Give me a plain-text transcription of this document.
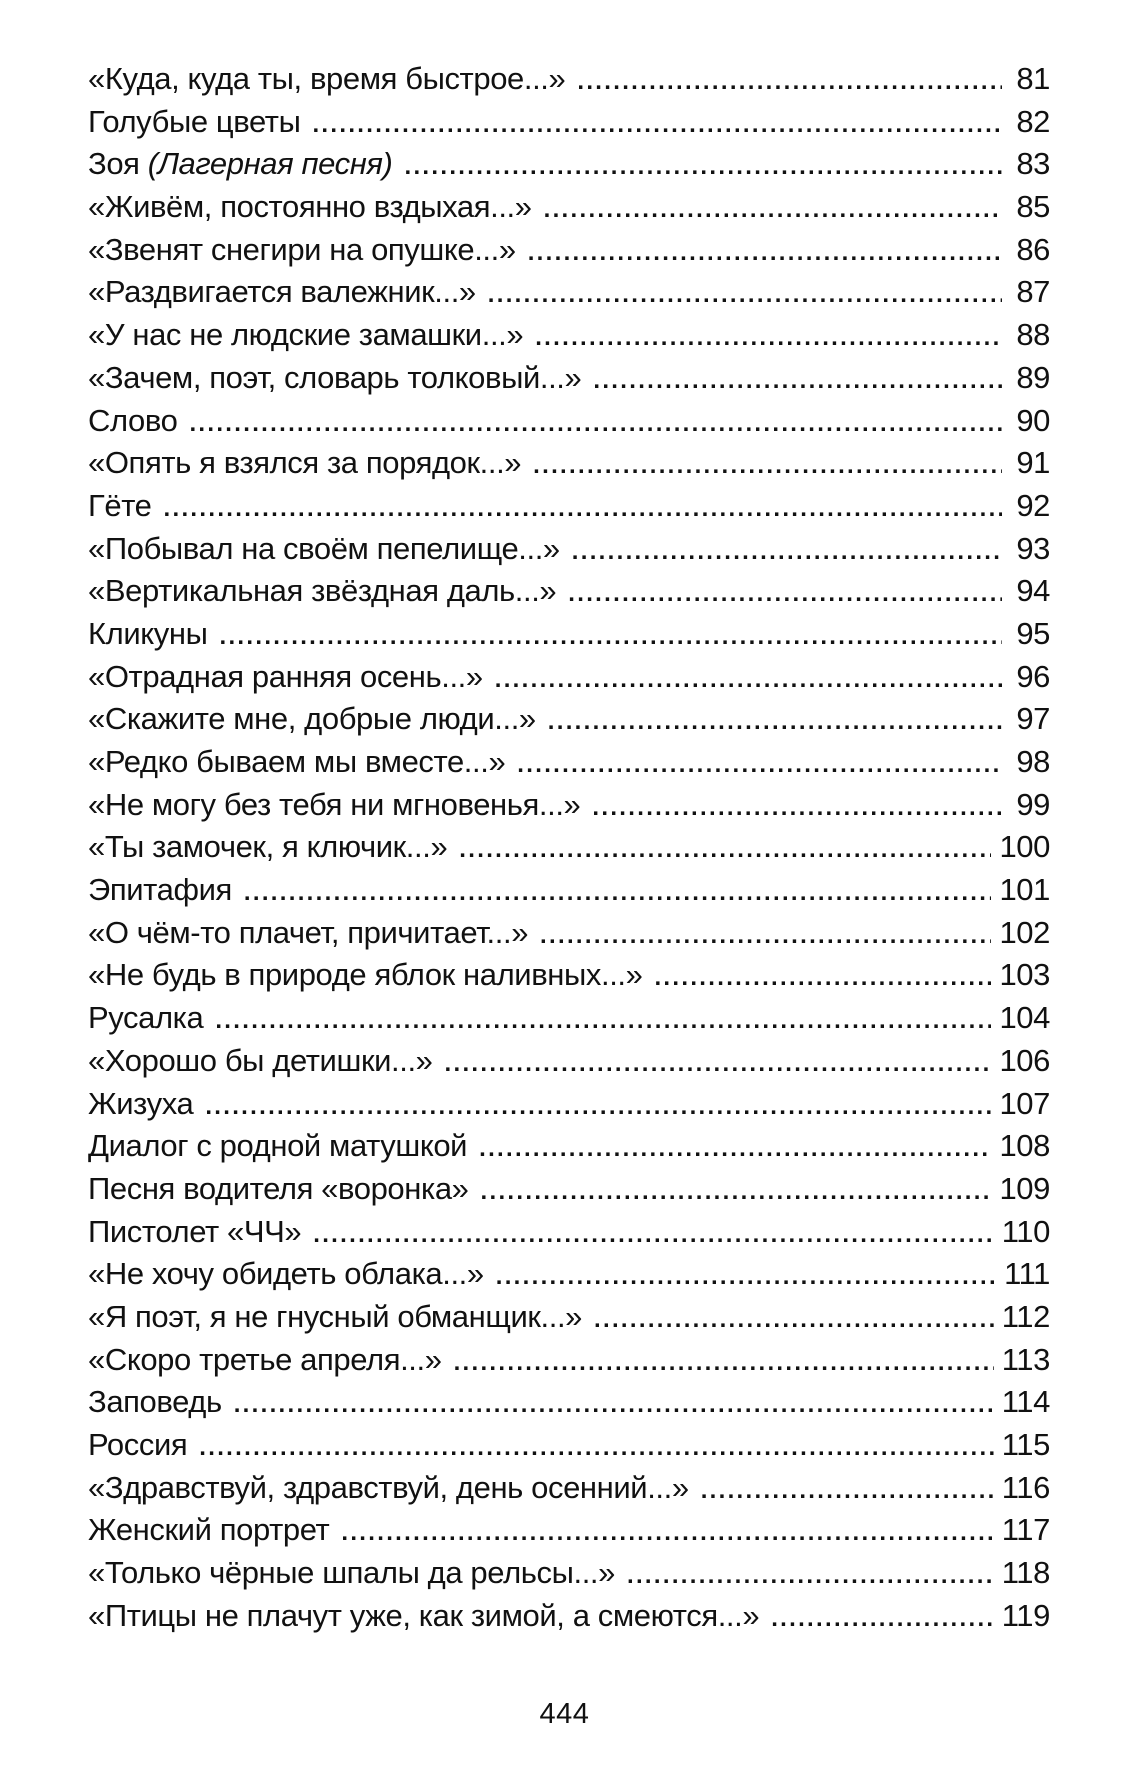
«Куда, куда ты, время быстрое...» .....	81
Голубые цветы .....	82
Зоя (Лагерная песня) .....	83
«Живём, постоянно вздыхая...» .....	85
«Звенят снегири на опушке...» .....	86
«Раздвигается валежник...» .....	87
«У нас не людские замашки...» .....	88
«Зачем, поэт, словарь толковый...» .....	89
Слово .....	90
«Опять я взялся за порядок...» .....	91
Гёте .....	92
«Побывал на своём пепелище...» .....	93
«Вертикальная звёздная даль...» .....	94
Кликуны .....	95
«Отрадная ранняя осень...» .....	96
«Скажите мне, добрые люди...» .....	97
«Редко бываем мы вместе...» .....	98
«Не могу без тебя ни мгновенья...» .....	99
«Ты замочек, я ключик...» .....	100
Эпитафия .....	101
«О чём-то плачет, причитает...» .....	102
«Не будь в природе яблок наливных...» .....	103
Русалка .....	104
«Хорошо бы детишки...» .....	106
Жизуха .....	107
Диалог с родной матушкой .....	108
Песня водителя «воронка» .....	109
Пистолет «ЧЧ» .....	110
«Не хочу обидеть облака...» .....	111
«Я поэт, я не гнусный обманщик...» .....	112
«Скоро третье апреля...» .....	113
Заповедь .....	114
Россия .....	115
«Здравствуй, здравствуй, день осенний...» .....	116
Женский портрет .....	117
«Только чёрные шпалы да рельсы...» .....	118
«Птицы не плачут уже, как зимой, а смеются...» .....	119
444
